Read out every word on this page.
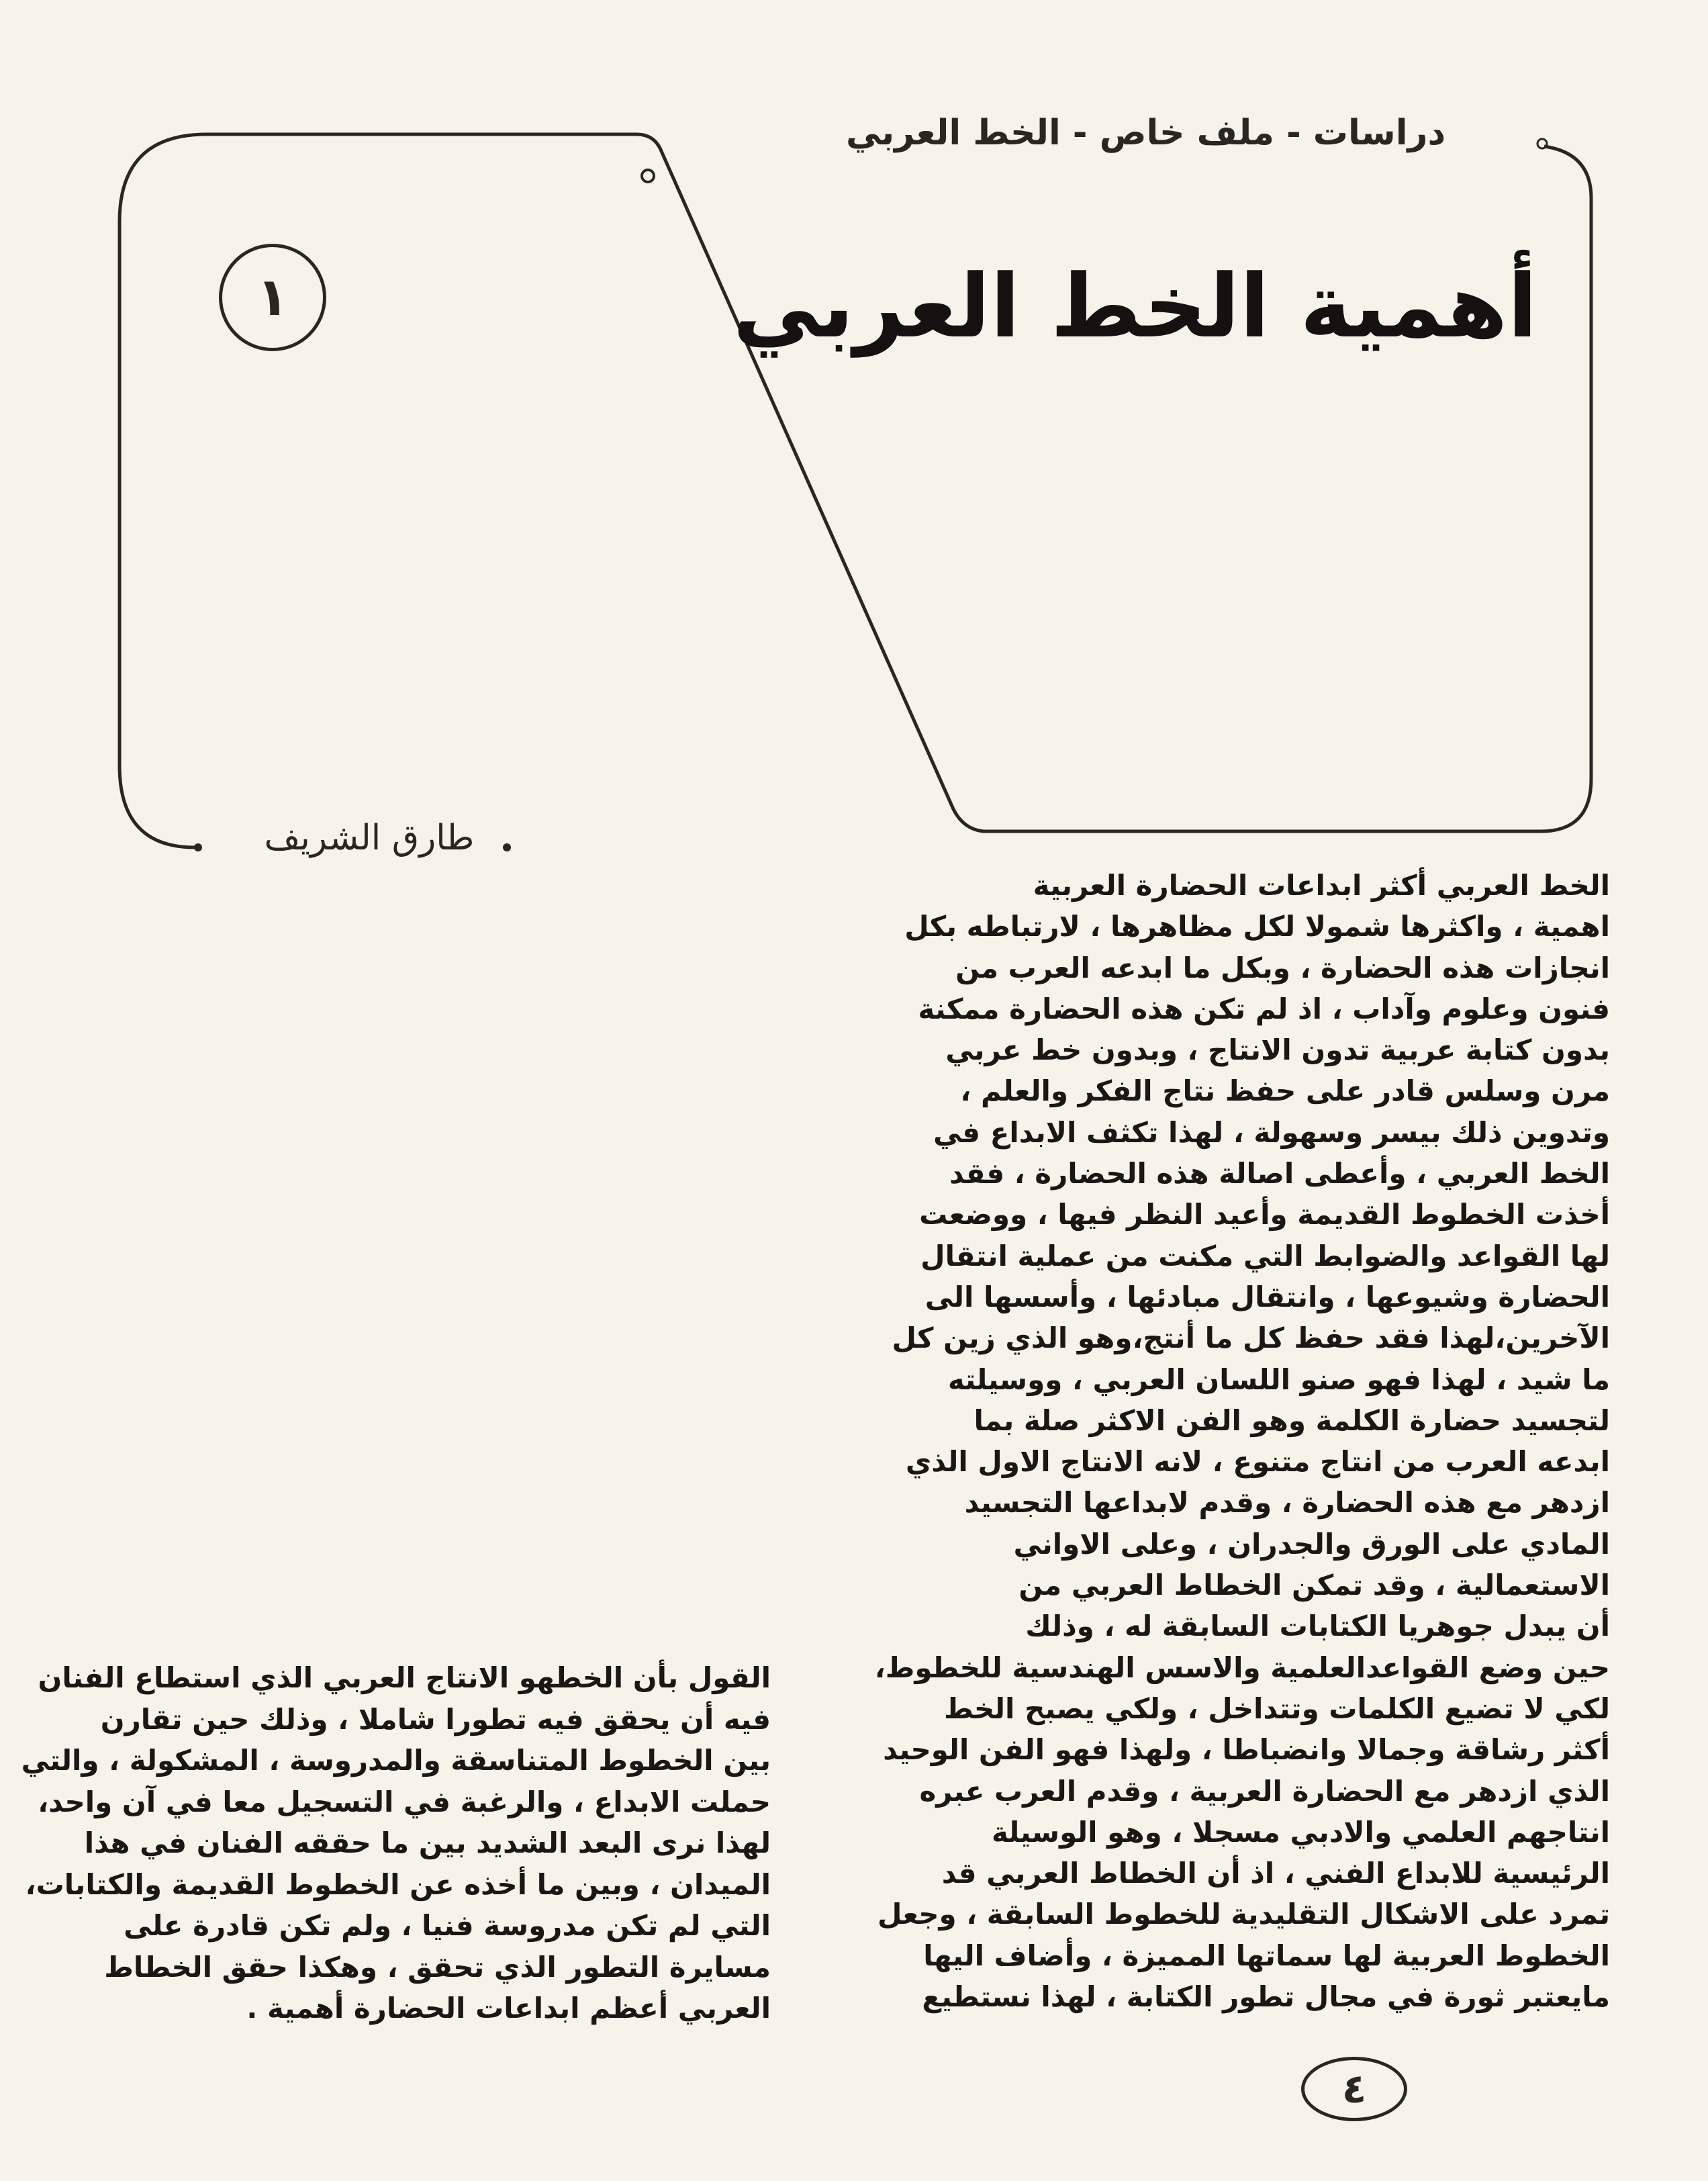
دراسات - ملف خاص - الخط العربي
أهمية الخط العربي
١
طارق الشريف
الخط العربي أكثر ابداعات الحضارة العربية
اهمية ، واكثرها شمولا لكل مظاهرها ، لارتباطه بكل
انجازات هذه الحضارة ، وبكل ما ابدعه العرب من
فنون وعلوم وآداب ، اذ لم تكن هذه الحضارة ممكنة
بدون كتابة عربية تدون الانتاج ، وبدون خط عربي
مرن وسلس قادر على حفظ نتاج الفكر والعلم ،
وتدوين ذلك بيسر وسهولة ، لهذا تكثف الابداع في
الخط العربي ، وأعطى اصالة هذه الحضارة ، فقد
أخذت الخطوط القديمة وأعيد النظر فيها ، ووضعت
لها القواعد والضوابط التي مكنت من عملية انتقال
الحضارة وشيوعها ، وانتقال مبادئها ، وأسسها الى
الآخرين،لهذا فقد حفظ كل ما أنتج،وهو الذي زين كل
ما شيد ، لهذا فهو صنو اللسان العربي ، ووسيلته
لتجسيد حضارة الكلمة وهو الفن الاكثر صلة بما
ابدعه العرب من انتاج متنوع ، لانه الانتاج الاول الذي
ازدهر مع هذه الحضارة ، وقدم لابداعها التجسيد
المادي على الورق والجدران ، وعلى الاواني
الاستعمالية ، وقد تمكن الخطاط العربي من
أن يبدل جوهريا الكتابات السابقة له ، وذلك
حين وضع القواعدالعلمية والاسس الهندسية للخطوط،
لكي لا تضيع الكلمات وتتداخل ، ولكي يصبح الخط
أكثر رشاقة وجمالا وانضباطا ، ولهذا فهو الفن الوحيد
الذي ازدهر مع الحضارة العربية ، وقدم العرب عبره
انتاجهم العلمي والادبي مسجلا ، وهو الوسيلة
الرئيسية للابداع الفني ، اذ أن الخطاط العربي قد
تمرد على الاشكال التقليدية للخطوط السابقة ، وجعل
الخطوط العربية لها سماتها المميزة ، وأضاف اليها
مايعتبر ثورة في مجال تطور الكتابة ، لهذا نستطيع
القول بأن الخطهو الانتاج العربي الذي استطاع الفنان
فيه أن يحقق فيه تطورا شاملا ، وذلك حين تقارن
بين الخطوط المتناسقة والمدروسة ، المشكولة ، والتي
حملت الابداع ، والرغبة في التسجيل معا في آن واحد،
لهذا نرى البعد الشديد بين ما حققه الفنان في هذا
الميدان ، وبين ما أخذه عن الخطوط القديمة والكتابات،
التي لم تكن مدروسة فنيا ، ولم تكن قادرة على
مسايرة التطور الذي تحقق ، وهكذا حقق الخطاط
العربي أعظم ابداعات الحضارة أهمية .
٤
